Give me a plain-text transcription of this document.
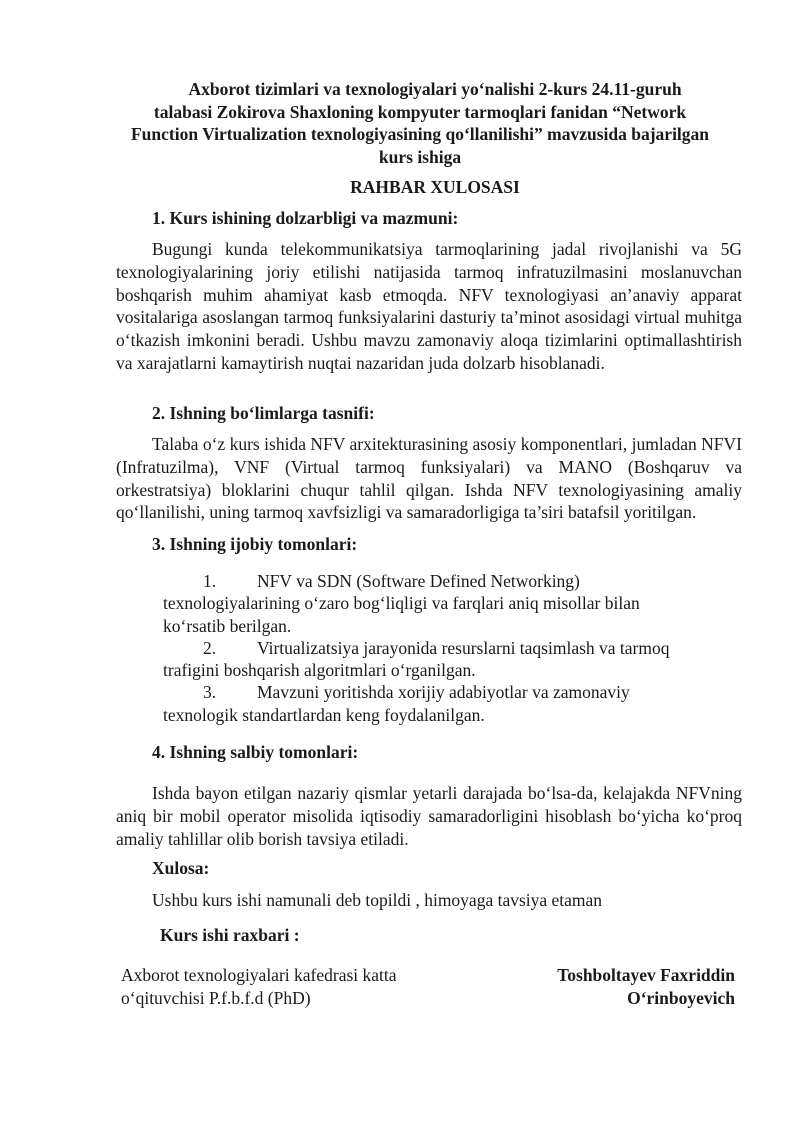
Axborot tizimlari va texnologiyalari yo‘nalishi 2-kurs 24.11-guruh
talabasi Zokirova Shaxloning kompyuter tarmoqlari fanidan “Network
Function Virtualization texnologiyasining qo‘llanilishi” mavzusida bajarilgan
kurs ishiga
RAHBAR XULOSASI
1. Kurs ishining dolzarbligi va mazmuni:
Bugungi kunda telekommunikatsiya tarmoqlarining jadal rivojlanishi va 5G texnologiyalarining joriy etilishi natijasida tarmoq infratuzilmasini moslanuvchan boshqarish muhim ahamiyat kasb etmoqda. NFV texnologiyasi an’anaviy apparat vositalariga asoslangan tarmoq funksiyalarini dasturiy ta’minot asosidagi virtual muhitga o‘tkazish imkonini beradi. Ushbu mavzu zamonaviy aloqa tizimlarini optimallashtirish va xarajatlarni kamaytirish nuqtai nazaridan juda dolzarb hisoblanadi.
2. Ishning bo‘limlarga tasnifi:
Talaba o‘z kurs ishida NFV arxitekturasining asosiy komponentlari, jumladan NFVI (Infratuzilma), VNF (Virtual tarmoq funksiyalari) va MANO (Boshqaruv va orkestratsiya) bloklarini chuqur tahlil qilgan. Ishda NFV texnologiyasining amaliy qo‘llanilishi, uning tarmoq xavfsizligi va samaradorligiga ta’siri batafsil yoritilgan.
3. Ishning ijobiy tomonlari:
1. NFV va SDN (Software Defined Networking)
texnologiyalarining o‘zaro bog‘liqligi va farqlari aniq misollar bilan
ko‘rsatib berilgan.
2. Virtualizatsiya jarayonida resurslarni taqsimlash va tarmoq
trafigini boshqarish algoritmlari o‘rganilgan.
3. Mavzuni yoritishda xorijiy adabiyotlar va zamonaviy
texnologik standartlardan keng foydalanilgan.
4. Ishning salbiy tomonlari:
Ishda bayon etilgan nazariy qismlar yetarli darajada bo‘lsa-da, kelajakda NFVning aniq bir mobil operator misolida iqtisodiy samaradorligini hisoblash bo‘yicha ko‘proq amaliy tahlillar olib borish tavsiya etiladi.
Xulosa:
Ushbu kurs ishi namunali deb topildi , himoyaga tavsiya etaman
Kurs ishi raxbari :
Axborot texnologiyalari kafedrasi katta
o‘qituvchisi P.f.b.f.d (PhD)
Toshboltayev Faxriddin
O‘rinboyevich
